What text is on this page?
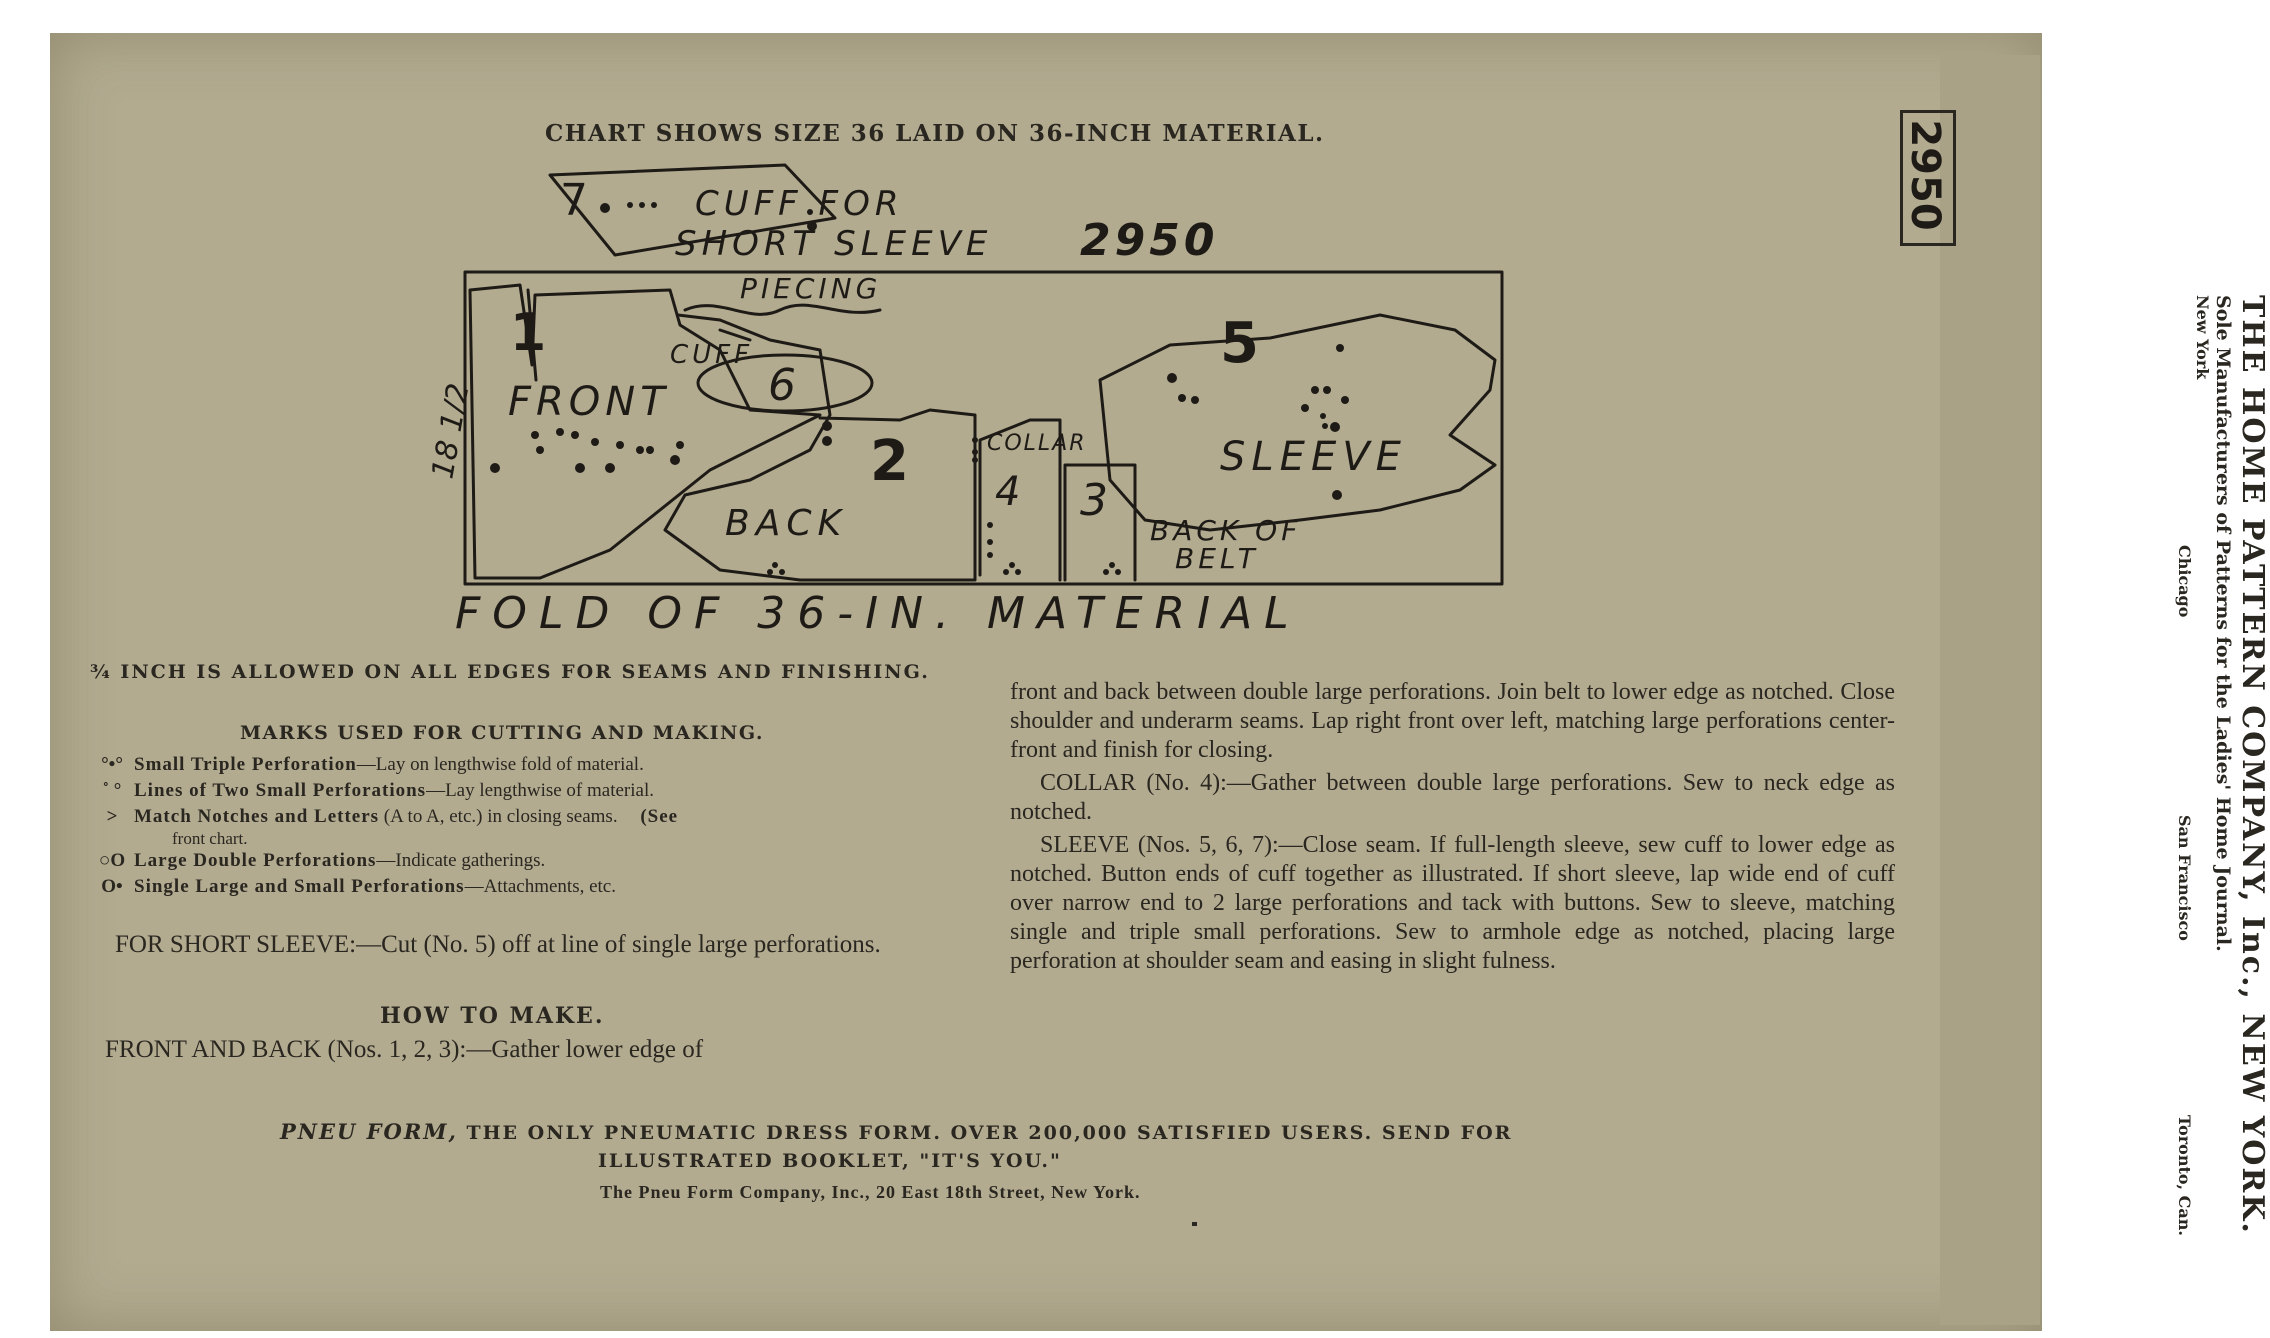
CHART SHOWS SIZE 36 LAID ON 36-INCH MATERIAL.
7	CUFF FOR
SHORT SLEEVE 2950
PIECING
1
FRONT
CUFF
6
2
BACK
COLLAR
4 3
BACK OF
BELT
5
SLEEVE
18 1/2
FOLD OF 36-IN. MATERIAL
¾ INCH IS ALLOWED ON ALL EDGES FOR SEAMS AND FINISHING.
MARKS USED FOR CUTTING AND MAKING.
°•° Small Triple Perforation—Lay on lengthwise fold of material.
˚ ° Lines of Two Small Perforations—Lay lengthwise of material.
> Match Notches and Letters (A to A, etc.) in closing seams. (See
front chart.
○O Large Double Perforations—Indicate gatherings.
O• Single Large and Small Perforations—Attachments, etc.
FOR SHORT SLEEVE:—Cut (No. 5) off at line of single large perforations.
HOW TO MAKE.
FRONT AND BACK (Nos. 1, 2, 3):—Gather lower edge of

front and back between double large perforations. Join belt to lower edge as notched. Close shoulder and underarm seams. Lap right front over left, matching large perforations center-front and finish for closing.

COLLAR (No. 4):—Gather between double large perforations. Sew to neck edge as notched.

SLEEVE (Nos. 5, 6, 7):—Close seam. If full-length sleeve, sew cuff to lower edge as notched. Button ends of cuff together as illustrated. If short sleeve, lap wide end of cuff over narrow end to 2 large perforations and tack with buttons. Sew to sleeve, matching single and triple small perforations. Sew to armhole edge as notched, placing large perforation at shoulder seam and easing in slight fulness.

PNEU FORM, THE ONLY PNEUMATIC DRESS FORM. OVER 200,000 SATISFIED USERS. SEND FOR
ILLUSTRATED BOOKLET, "IT'S YOU."
The Pneu Form Company, Inc., 20 East 18th Street, New York.
2950
THE HOME PATTERN COMPANY, Inc., NEW YORK.
Sole Manufacturers of Patterns for the Ladies' Home Journal.
New York
Chicago
San Francisco
Toronto, Can.
